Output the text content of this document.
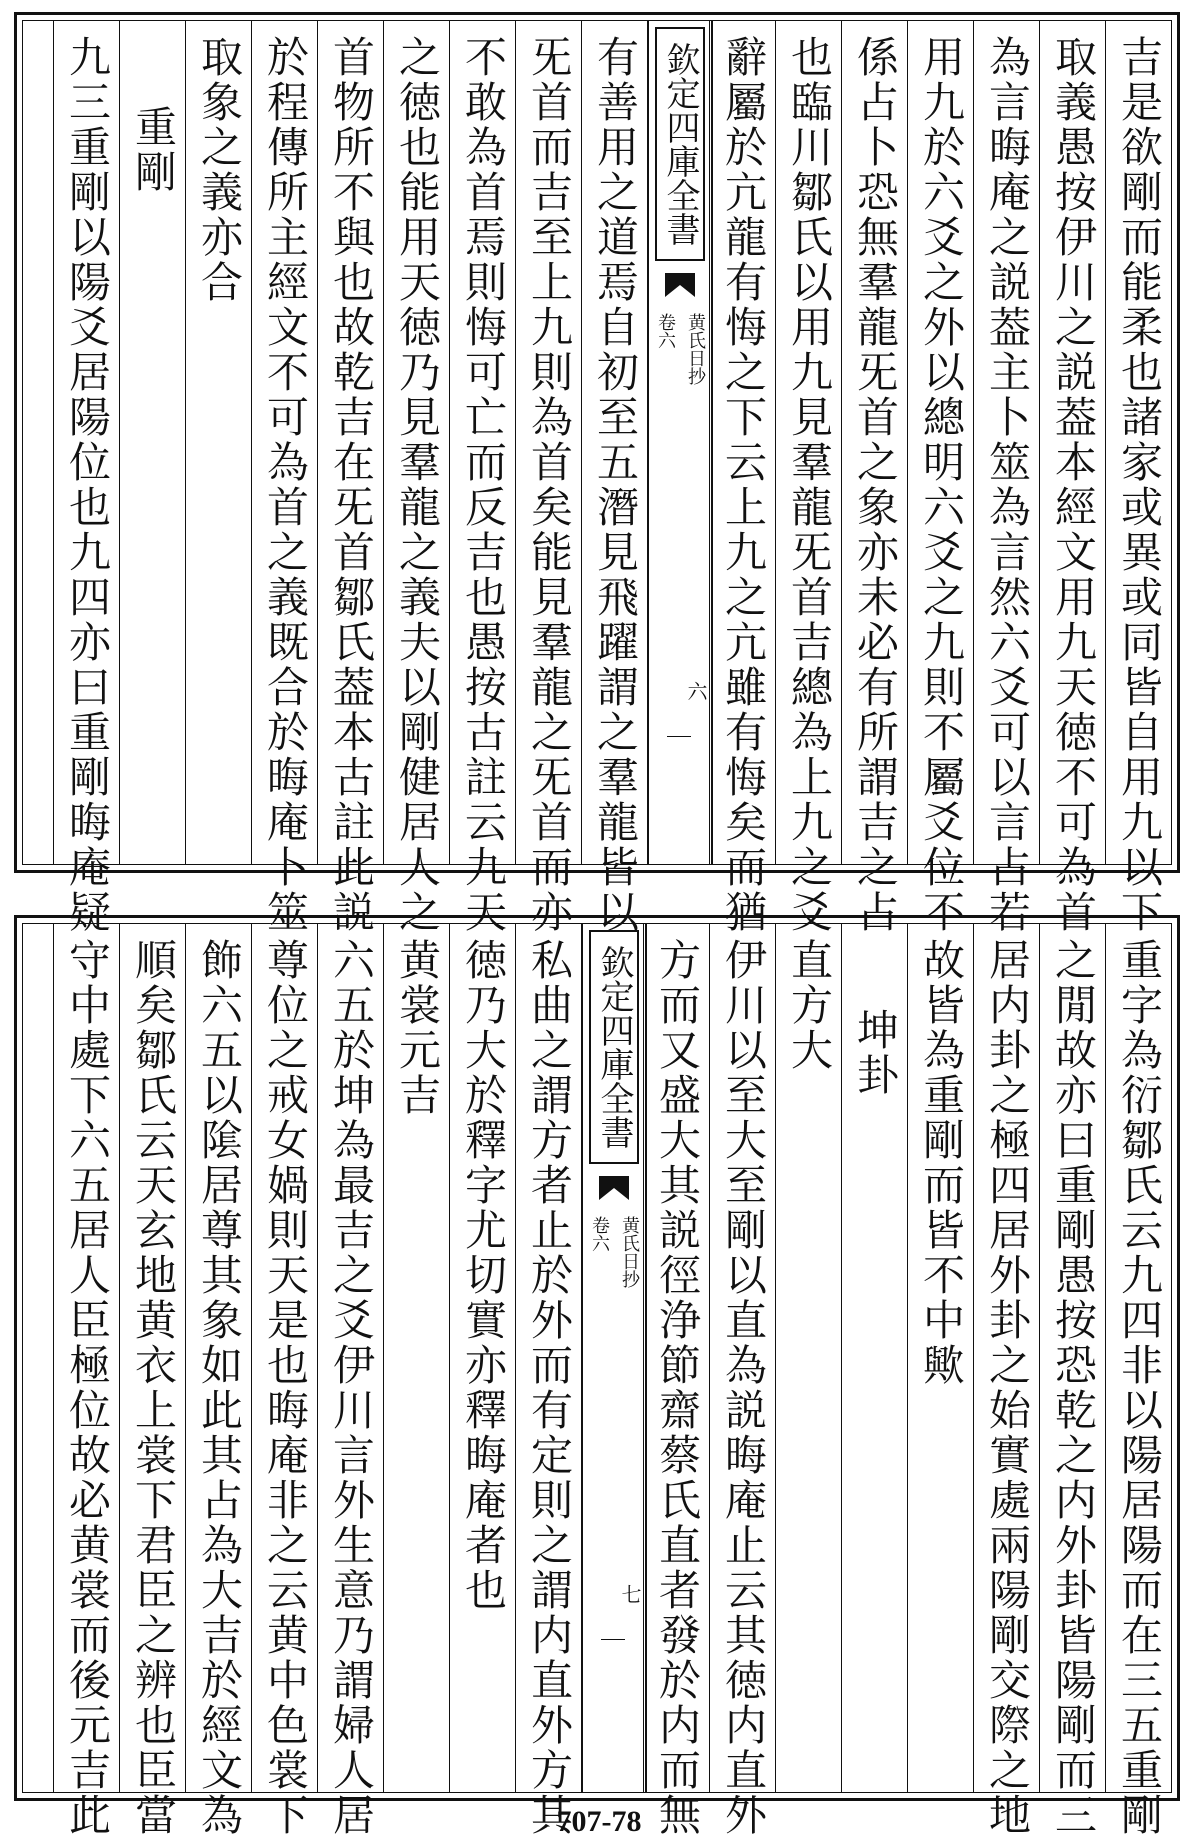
吉是欲剛而能柔也諸家或異或同皆自用九以下
取義愚按伊川之説葢本經文用九天徳不可為首
為言晦庵之説葢主卜筮為言然六爻可以言占若
用九於六爻之外以總明六爻之九則不屬爻位不
係占卜恐無羣龍旡首之象亦未必有所謂吉之占
也臨川鄒氏以用九見羣龍旡首吉總為上九之爻
辭屬於亢龍有悔之下云上九之亢雖有悔矣而猶
欽定四庫全書
黄氏日抄
卷六
六
有善用之道焉自初至五潛見飛躍謂之羣龍皆以
旡首而吉至上九則為首矣能見羣龍之旡首而亦
不敢為首焉則悔可亡而反吉也愚按古註云九天
之徳也能用天徳乃見羣龍之義夫以剛健居人之
首物所不與也故乾吉在旡首鄒氏葢本古註此説
於程傳所主經文不可為首之義既合於晦庵卜筮
取象之義亦合
重剛
九三重剛以陽爻居陽位也九四亦曰重剛晦庵疑
重字為衍鄒氏云九四非以陽居陽而在三五重剛
之閒故亦曰重剛愚按恐乾之内外卦皆陽剛而三
居内卦之極四居外卦之始實處兩陽剛交際之地
故皆為重剛而皆不中歟
坤卦
直方大
伊川以至大至剛以直為説晦庵止云其徳内直外
方而又盛大其説徑浄節齋蔡氏直者發於内而無
欽定四庫全書
黄氏日抄
卷六
七
私曲之謂方者止於外而有定則之謂内直外方其
徳乃大於釋字尤切實亦釋晦庵者也
黄裳元吉
六五於坤為最吉之爻伊川言外生意乃謂婦人居
尊位之戒女媧則天是也晦庵非之云黄中色裳下
飾六五以隂居尊其象如此其占為大吉於經文為
順矣鄒氏云天玄地黄衣上裳下君臣之辨也臣當
守中處下六五居人臣極位故必黄裳而後元吉此	707-78
